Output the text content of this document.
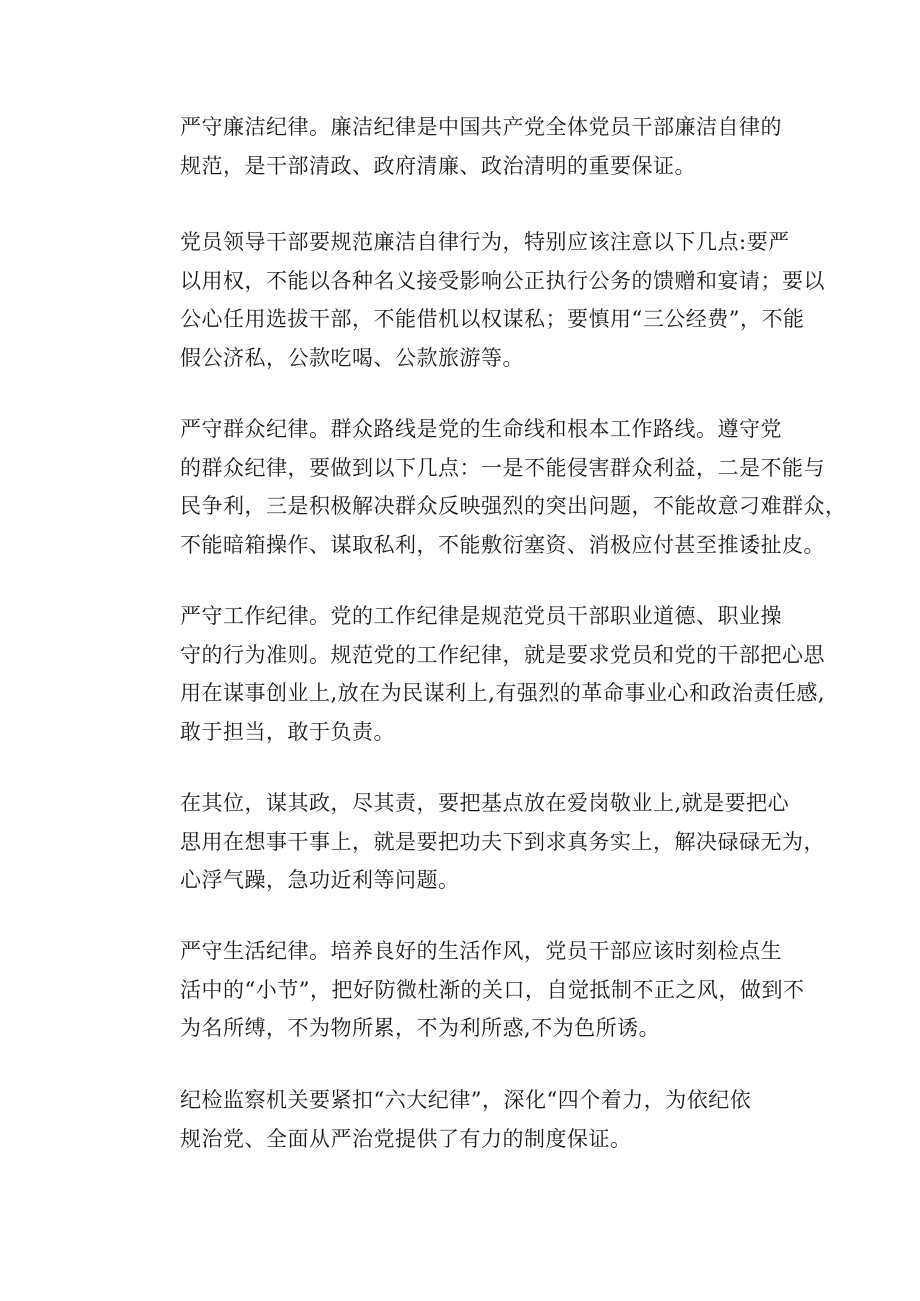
严守廉洁纪律。廉洁纪律是中国共产党全体党员干部廉洁自律的
规范，是干部清政、政府清廉、政治清明的重要保证。

党员领导干部要规范廉洁自律行为，特别应该注意以下几点:要严
以用权，不能以各种名义接受影响公正执行公务的馈赠和宴请；要以
公心任用选拔干部，不能借机以权谋私；要慎用“三公经费”，不能
假公济私，公款吃喝、公款旅游等。

严守群众纪律。群众路线是党的生命线和根本工作路线。遵守党
的群众纪律，要做到以下几点：一是不能侵害群众利益，二是不能与
民争利，三是积极解决群众反映强烈的突出问题，不能故意刁难群众，
不能暗箱操作、谋取私利，不能敷衍塞资、消极应付甚至推诿扯皮。

严守工作纪律。党的工作纪律是规范党员干部职业道德、职业操
守的行为准则。规范党的工作纪律，就是要求党员和党的干部把心思
用在谋事创业上,放在为民谋利上,有强烈的革命事业心和政治责任感,
敢于担当，敢于负责。

在其位，谋其政，尽其责，要把基点放在爱岗敬业上,就是要把心
思用在想事干事上，就是要把功夫下到求真务实上，解决碌碌无为，
心浮气躁，急功近利等问题。

严守生活纪律。培养良好的生活作风，党员干部应该时刻检点生
活中的“小节”，把好防微杜渐的关口，自觉抵制不正之风，做到不
为名所缚，不为物所累，不为利所惑,不为色所诱。

纪检监察机关要紧扣“六大纪律”，深化“四个着力，为依纪依
规治党、全面从严治党提供了有力的制度保证。
